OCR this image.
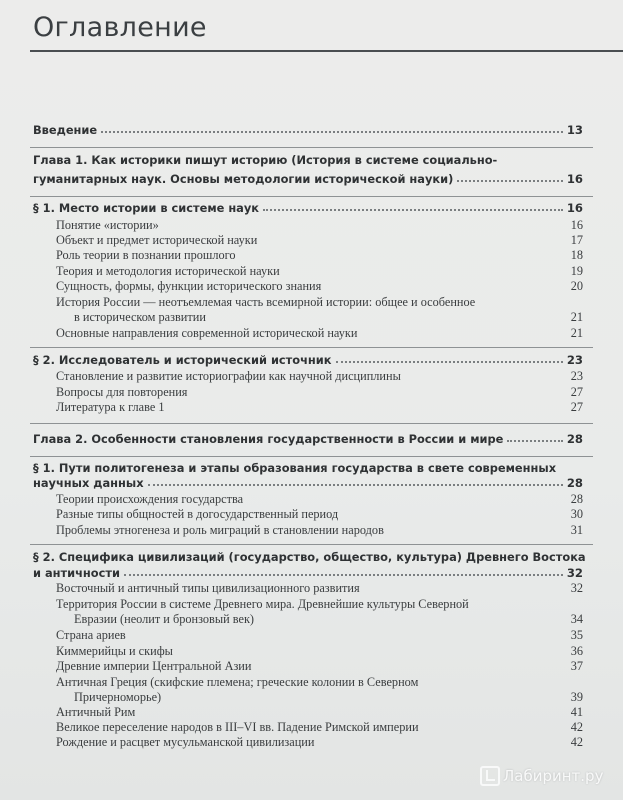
Оглавление
Введение	13
Глава 1. Как историки пишут историю (История в системе социально-
гуманитарных наук. Основы методологии исторической науки)	16
§ 1. Место истории в системе наук	16
Понятие «истории»	16
Объект и предмет исторической науки	17
Роль теории в познании прошлого	18
Теория и методология исторической науки	19
Сущность, формы, функции исторического знания	20
История России — неотъемлемая часть всемирной истории: общее и особенное
в историческом развитии	21
Основные направления современной исторической науки	21
§ 2. Исследователь и исторический источник	23
Становление и развитие историографии как научной дисциплины	23
Вопросы для повторения	27
Литература к главе 1	27
Глава 2. Особенности становления государственности в России и мире	28
§ 1. Пути политогенеза и этапы образования государства в свете современных
научных данных	28
Теории происхождения государства	28
Разные типы общностей в догосударственный период	30
Проблемы этногенеза и роль миграций в становлении народов	31
§ 2. Специфика цивилизаций (государство, общество, культура) Древнего Востока
и античности	32
Восточный и античный типы цивилизационного развития	32
Территория России в системе Древнего мира. Древнейшие культуры Северной
Евразии (неолит и бронзовый век)	34
Страна ариев	35
Киммерийцы и скифы	36
Древние империи Центральной Азии	37
Античная Греция (скифские племена; греческие колонии в Северном
Причерноморье)	39
Античный Рим	41
Великое переселение народов в III–VI вв. Падение Римской империи	42
Рождение и расцвет мусульманской цивилизации	42
Лабиринт.ру
